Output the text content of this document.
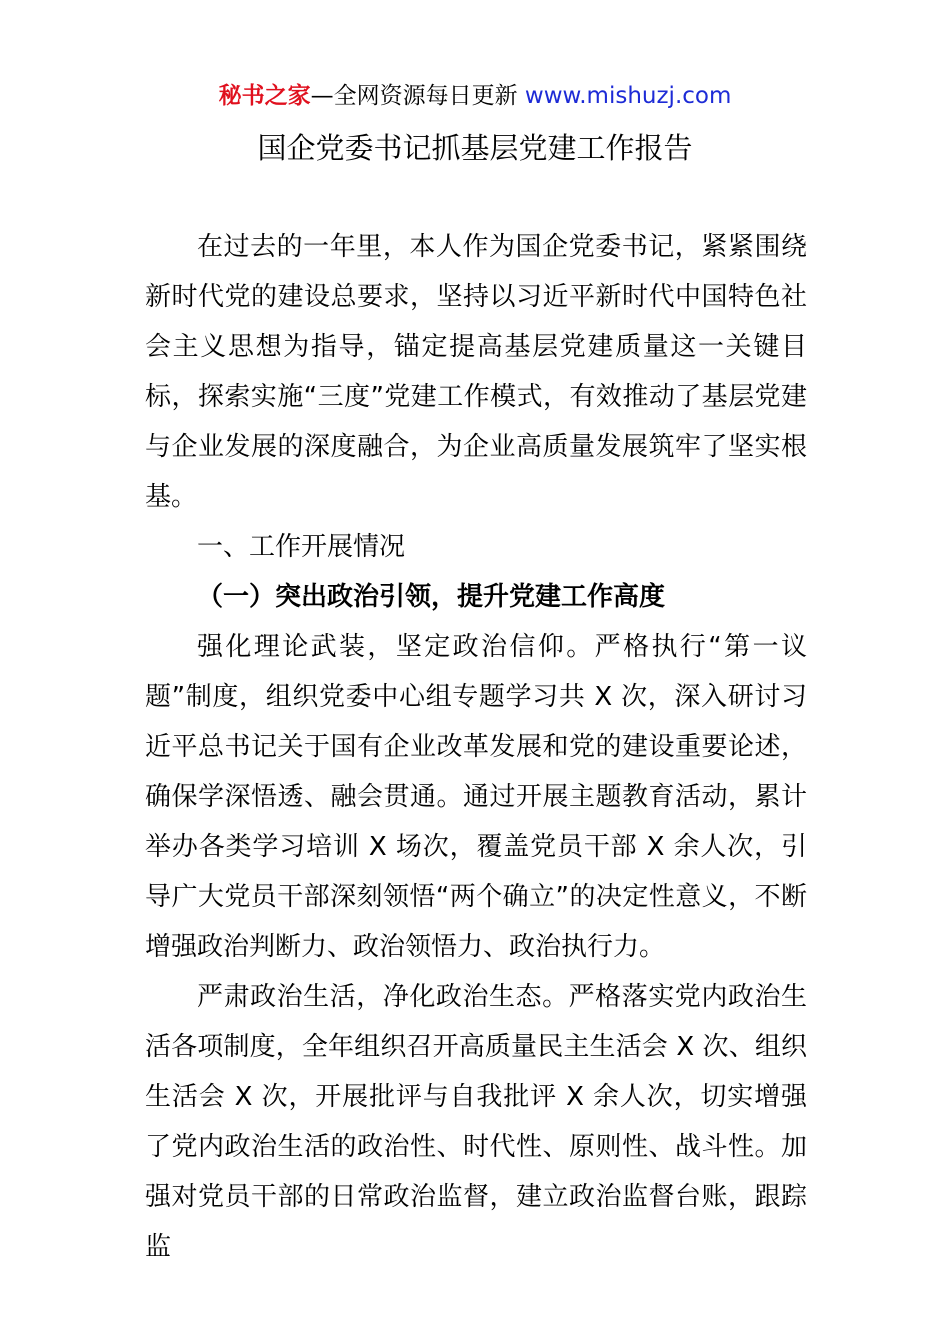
秘书之家—全网资源每日更新 www.mishuzj.com
国企党委书记抓基层党建工作报告

在过去的一年里，本人作为国企党委书记，紧紧围绕新时代党的建设总要求，坚持以习近平新时代中国特色社会主义思想为指导，锚定提高基层党建质量这一关键目标，探索实施“三度”党建工作模式，有效推动了基层党建与企业发展的深度融合，为企业高质量发展筑牢了坚实根基。

一、工作开展情况

（一）突出政治引领，提升党建工作高度

强化理论武装，坚定政治信仰。严格执行“第一议题”制度，组织党委中心组专题学习共 X 次，深入研讨习近平总书记关于国有企业改革发展和党的建设重要论述，确保学深悟透、融会贯通。通过开展主题教育活动，累计举办各类学习培训 X 场次，覆盖党员干部 X 余人次，引导广大党员干部深刻领悟“两个确立”的决定性意义，不断增强政治判断力、政治领悟力、政治执行力。

严肃政治生活，净化政治生态。严格落实党内政治生活各项制度，全年组织召开高质量民主生活会 X 次、组织生活会 X 次，开展批评与自我批评 X 余人次，切实增强了党内政治生活的政治性、时代性、原则性、战斗性。加强对党员干部的日常政治监督，建立政治监督台账，跟踪监
